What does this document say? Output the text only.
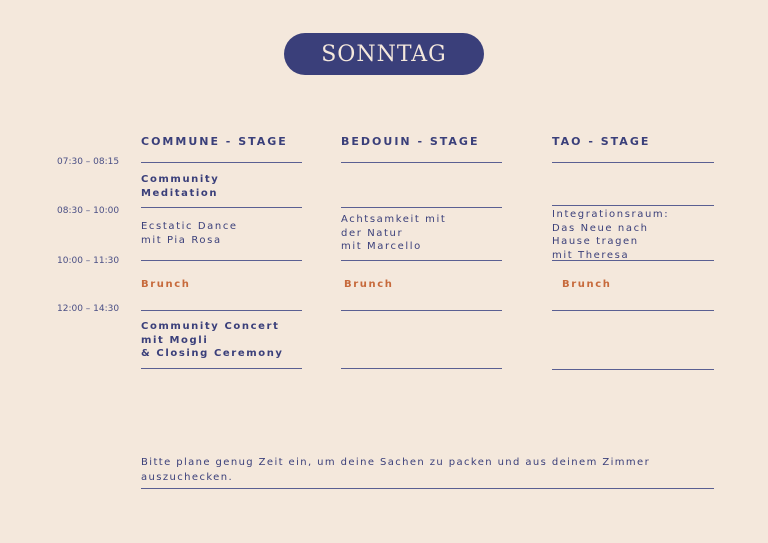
SONNTAG
COMMUNE - STAGE	BEDOUIN - STAGE	TAO - STAGE
07:30 – 08:15
08:30 – 10:00
10:00 – 11:30
12:00 – 14:30
Community
Meditation
Ecstatic Dance
mit Pia Rosa
Brunch
Community Concert
mit Mogli
& Closing Ceremony
Achtsamkeit mit
der Natur
mit Marcello
Brunch
Integrationsraum:
Das Neue nach
Hause tragen
mit Theresa
Brunch
Bitte plane genug Zeit ein, um deine Sachen zu packen und aus deinem Zimmer auszuchecken.
